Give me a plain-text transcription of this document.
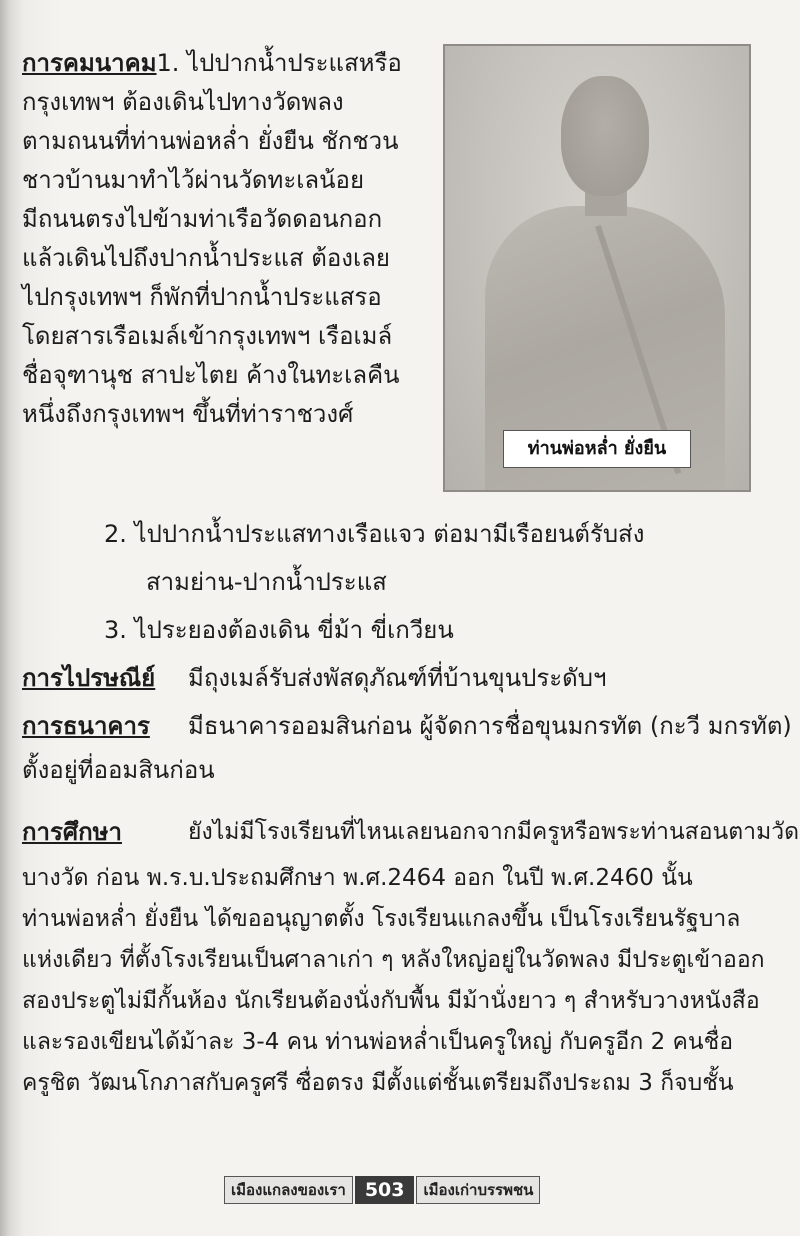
การคมนาคม1. ไปปากน้ำประแสหรือ

กรุงเทพฯ ต้องเดินไปทางวัดพลง

ตามถนนที่ท่านพ่อหล่ำ ยั่งยืน ชักชวน

ชาวบ้านมาทำไว้ผ่านวัดทะเลน้อย

มีถนนตรงไปข้ามท่าเรือวัดดอนกอก

แล้วเดินไปถึงปากน้ำประแส ต้องเลย

ไปกรุงเทพฯ ก็พักที่ปากน้ำประแสรอ

โดยสารเรือเมล์เข้ากรุงเทพฯ เรือเมล์

ชื่อจุฑานุช สาปะไตย ค้างในทะเลคืน

หนึ่งถึงกรุงเทพฯ ขึ้นที่ท่าราชวงศ์

ท่านพ่อหล่ำ ยั่งยืน
2. ไปปากน้ำประแสทางเรือแจว ต่อมามีเรือยนต์รับส่ง
สามย่าน-ปากน้ำประแส
3. ไประยองต้องเดิน ขี่ม้า ขี่เกวียน
การไปรษณีย์ มีถุงเมล์รับส่งพัสดุภัณฑ์ที่บ้านขุนประดับฯ
การธนาคาร มีธนาคารออมสินก่อน ผู้จัดการชื่อขุนมกรทัต (กะวี มกรทัต)
ตั้งอยู่ที่ออมสินก่อน
การศึกษา	ยังไม่มีโรงเรียนที่ไหนเลยนอกจากมีครูหรือพระท่านสอนตามวัด

บางวัด ก่อน พ.ร.บ.ประถมศึกษา พ.ศ.2464 ออก ในปี พ.ศ.2460 นั้น

ท่านพ่อหล่ำ ยั่งยืน ได้ขออนุญาตตั้ง โรงเรียนแกลงขึ้น เป็นโรงเรียนรัฐบาล

แห่งเดียว ที่ตั้งโรงเรียนเป็นศาลาเก่า ๆ หลังใหญ่อยู่ในวัดพลง มีประตูเข้าออก

สองประตูไม่มีกั้นห้อง นักเรียนต้องนั่งกับพื้น มีม้านั่งยาว ๆ สำหรับวางหนังสือ

และรองเขียนได้ม้าละ 3-4 คน ท่านพ่อหล่ำเป็นครูใหญ่ กับครูอีก 2 คนชื่อ

ครูชิต วัฒนโกภาสกับครูศรี ซื่อตรง มีตั้งแต่ชั้นเตรียมถึงประถม 3 ก็จบชั้น

เมืองแกลงของเรา	503	เมืองเก่าบรรพชน
